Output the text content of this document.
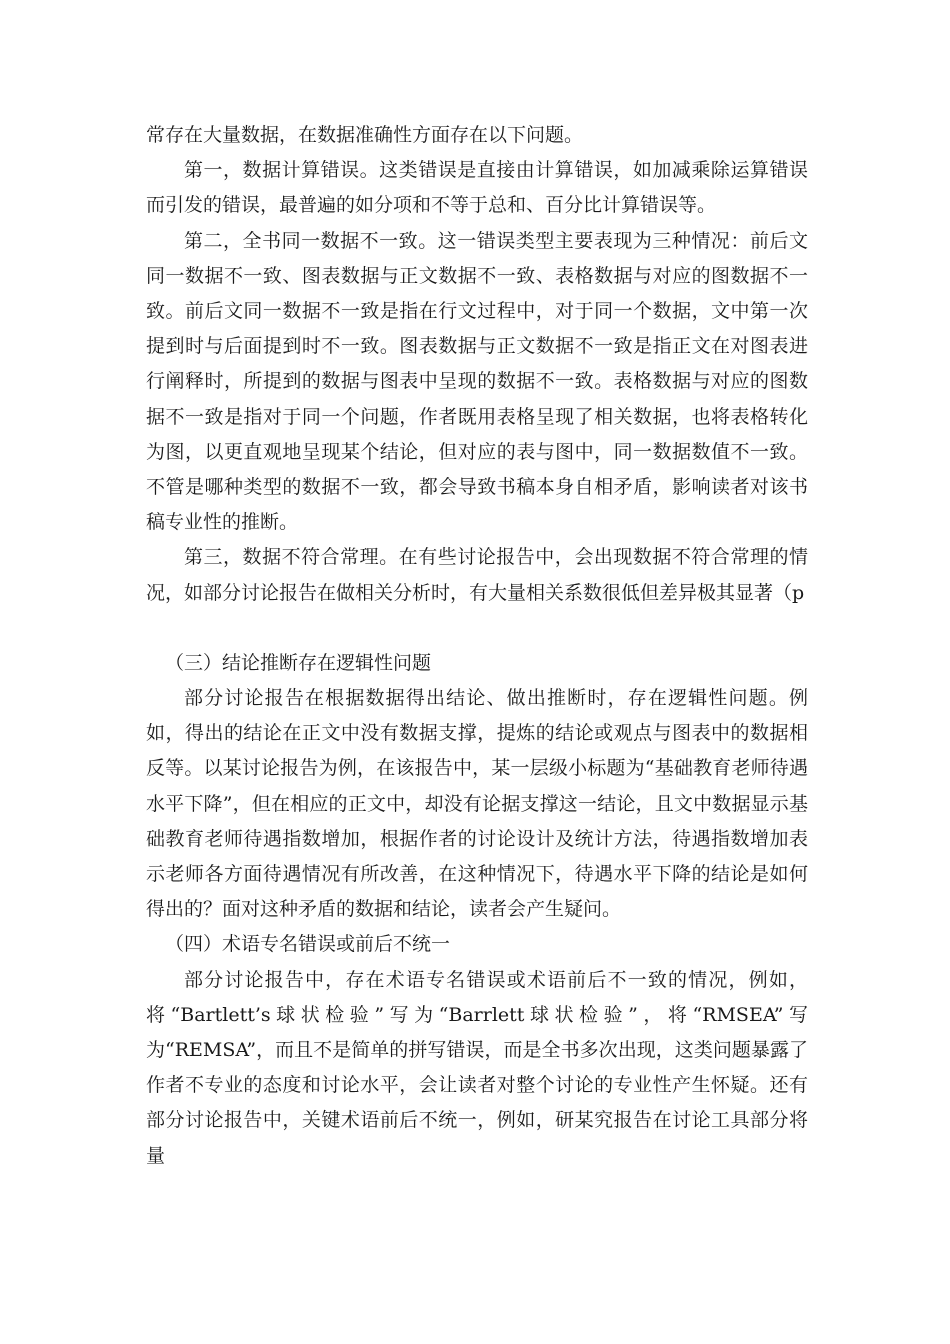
常存在大量数据，在数据准确性方面存在以下问题。

第一，数据计算错误。这类错误是直接由计算错误，如加减乘除运算错误而引发的错误，最普遍的如分项和不等于总和、百分比计算错误等。

第二，全书同一数据不一致。这一错误类型主要表现为三种情况：前后文同一数据不一致、图表数据与正文数据不一致、表格数据与对应的图数据不一致。前后文同一数据不一致是指在行文过程中，对于同一个数据，文中第一次提到时与后面提到时不一致。图表数据与正文数据不一致是指正文在对图表进行阐释时，所提到的数据与图表中呈现的数据不一致。表格数据与对应的图数据不一致是指对于同一个问题，作者既用表格呈现了相关数据，也将表格转化为图，以更直观地呈现某个结论，但对应的表与图中，同一数据数值不一致。不管是哪种类型的数据不一致，都会导致书稿本身自相矛盾，影响读者对该书稿专业性的推断。

第三，数据不符合常理。在有些讨论报告中，会出现数据不符合常理的情况，如部分讨论报告在做相关分析时，有大量相关系数很低但差异极其显著（p

（三）结论推断存在逻辑性问题

部分讨论报告在根据数据得出结论、做出推断时，存在逻辑性问题。例如，得出的结论在正文中没有数据支撑，提炼的结论或观点与图表中的数据相反等。以某讨论报告为例，在该报告中，某一层级小标题为“基础教育老师待遇水平下降”，但在相应的正文中，却没有论据支撑这一结论，且文中数据显示基础教育老师待遇指数增加，根据作者的讨论设计及统计方法，待遇指数增加表示老师各方面待遇情况有所改善，在这种情况下，待遇水平下降的结论是如何得出的？面对这种矛盾的数据和结论，读者会产生疑问。

（四）术语专名错误或前后不统一

部分讨论报告中，存在术语专名错误或术语前后不一致的情况，例如，将“Bartlett’s球状检验”写为“Barrlett球状检验”，将“RMSEA”写为“REMSA”，而且不是简单的拼写错误，而是全书多次出现，这类问题暴露了作者不专业的态度和讨论水平，会让读者对整个讨论的专业性产生怀疑。还有部分讨论报告中，关键术语前后不统一，例如，研某究报告在讨论工具部分将量
